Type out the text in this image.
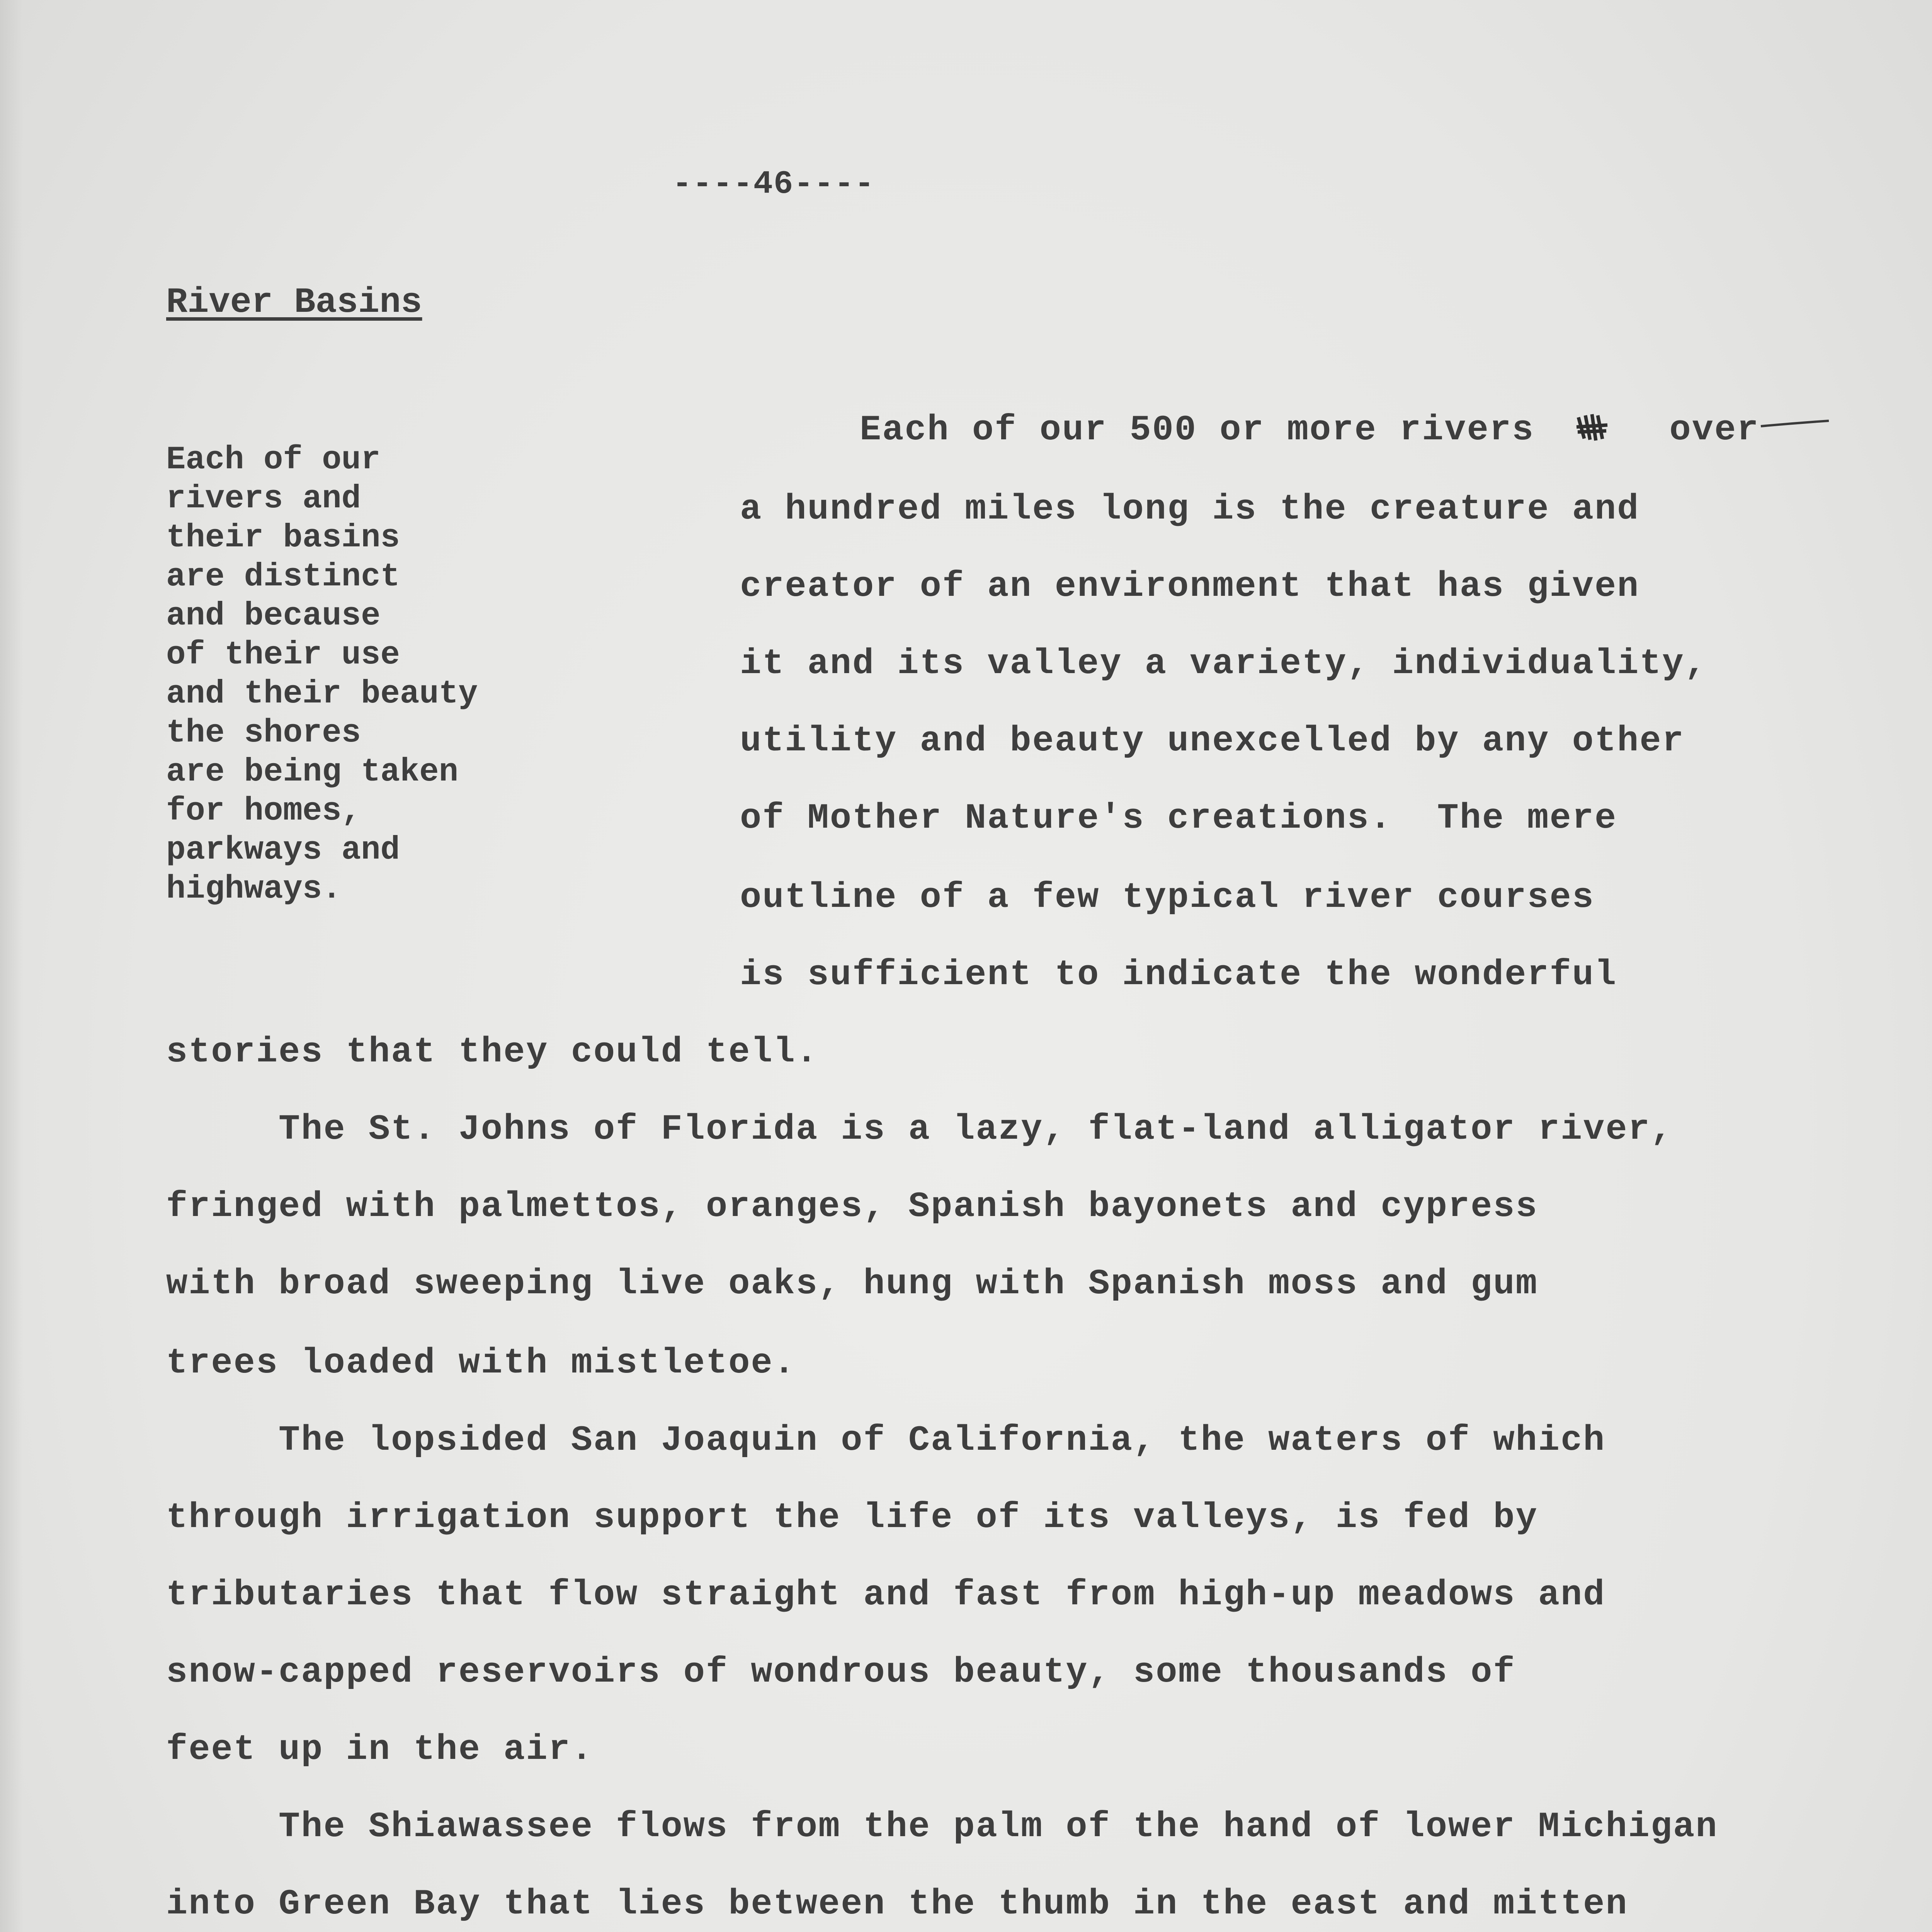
----46----
River Basins
Each of our
rivers and
their basins
are distinct
and because
of their use
and their beauty
the shores
are being taken
for homes,
parkways and
highways.

Each of our 500 or more rivers      over

a hundred miles long is the creature and

creator of an environment that has given

it and its valley a variety, individuality,

utility and beauty unexcelled by any other

of Mother Nature's creations.  The mere

outline of a few typical river courses

is sufficient to indicate the wonderful

stories that they could tell.

The St. Johns of Florida is a lazy, flat-land alligator river,

fringed with palmettos, oranges, Spanish bayonets and cypress

with broad sweeping live oaks, hung with Spanish moss and gum

trees loaded with mistletoe.

The lopsided San Joaquin of California, the waters of which

through irrigation support the life of its valleys, is fed by

tributaries that flow straight and fast from high-up meadows and

snow-capped reservoirs of wondrous beauty, some thousands of

feet up in the air.

The Shiawassee flows from the palm of the hand of lower Michigan

into Green Bay that lies between the thumb in the east and mitten
